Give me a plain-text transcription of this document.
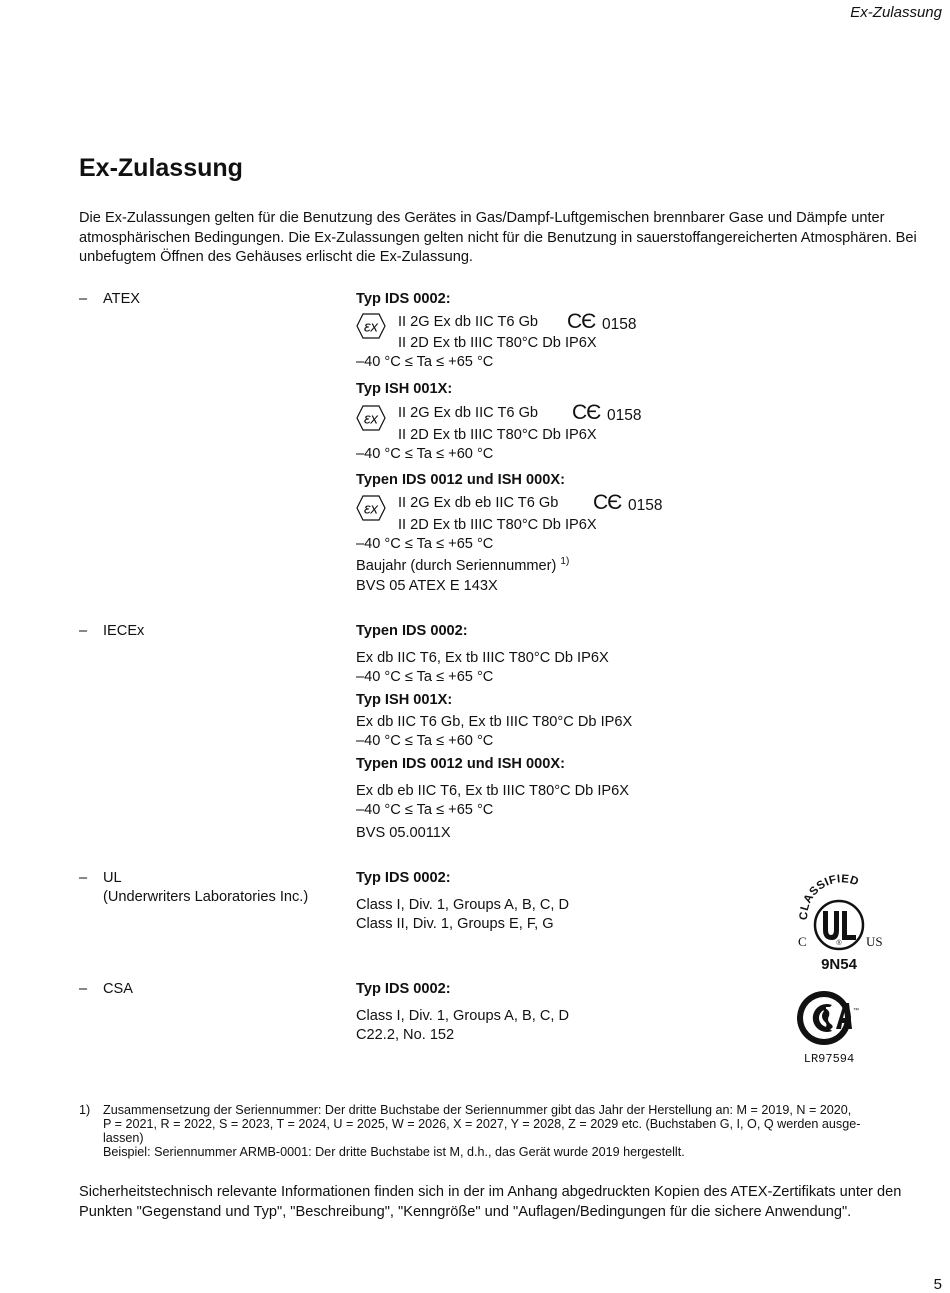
Ex-Zulassung
Ex-Zulassung
Die Ex-Zulassungen gelten für die Benutzung des Gerätes in Gas/Dampf-Luftgemischen brennbarer Gase und Dämpfe unter atmosphärischen Bedingungen. Die Ex-Zulassungen gelten nicht für die Benutzung in sauerstoffangereicherten Atmosphären. Bei unbefugtem Öffnen des Gehäuses erlischt die Ex-Zulassung.
– ATEX	Typ IDS 0002:
εx II 2G Ex db IIC T6 Gb CЄ 0158
II 2D Ex tb IIIC T80°C Db IP6X
–40 °C ≤ Ta ≤ +65 °C
Typ ISH 001X:
εx II 2G Ex db IIC T6 Gb CЄ 0158
II 2D Ex tb IIIC T80°C Db IP6X
–40 °C ≤ Ta ≤ +60 °C
Typen IDS 0012 und ISH 000X:
εx II 2G Ex db eb IIC T6 Gb CЄ 0158
II 2D Ex tb IIIC T80°C Db IP6X
–40 °C ≤ Ta ≤ +65 °C
Baujahr (durch Seriennummer) $^{1)}$
BVS 05 ATEX E 143X
– IECEx	Typen IDS 0002:
Ex db IIC T6, Ex tb IIIC T80°C Db IP6X
–40 °C ≤ Ta ≤ +65 °C
Typ ISH 001X:
Ex db IIC T6 Gb, Ex tb IIIC T80°C Db IP6X
–40 °C ≤ Ta ≤ +60 °C
Typen IDS 0012 und ISH 000X:
Ex db eb IIC T6, Ex tb IIIC T80°C Db IP6X
–40 °C ≤ Ta ≤ +65 °C
BVS 05.0011X
– UL
(Underwriters Laboratories Inc.)
Typ IDS 0002:
Class I, Div. 1, Groups A, B, C, D
Class II, Div. 1, Groups E, F, G
CLASSIFIED
®
C	US
9N54
– CSA	Typ IDS 0002:
Class I, Div. 1, Groups A, B, C, D
C22.2, No. 152
™
LR97594
1) Zusammensetzung der Seriennummer: Der dritte Buchstabe der Seriennummer gibt das Jahr der Herstellung an: M = 2019, N = 2020,
P = 2021, R = 2022, S = 2023, T = 2024, U = 2025, W = 2026, X = 2027, Y = 2028, Z = 2029 etc. (Buchstaben G, I, O, Q werden ausge-
lassen)
Beispiel: Seriennummer ARMB-0001: Der dritte Buchstabe ist M, d.h., das Gerät wurde 2019 hergestellt.
Sicherheitstechnisch relevante Informationen finden sich in der im Anhang abgedruckten Kopien des ATEX-Zertifikats unter den Punkten "Gegenstand und Typ", "Beschreibung", "Kenngröße" und "Auflagen/Bedingungen für die sichere Anwendung".
5
